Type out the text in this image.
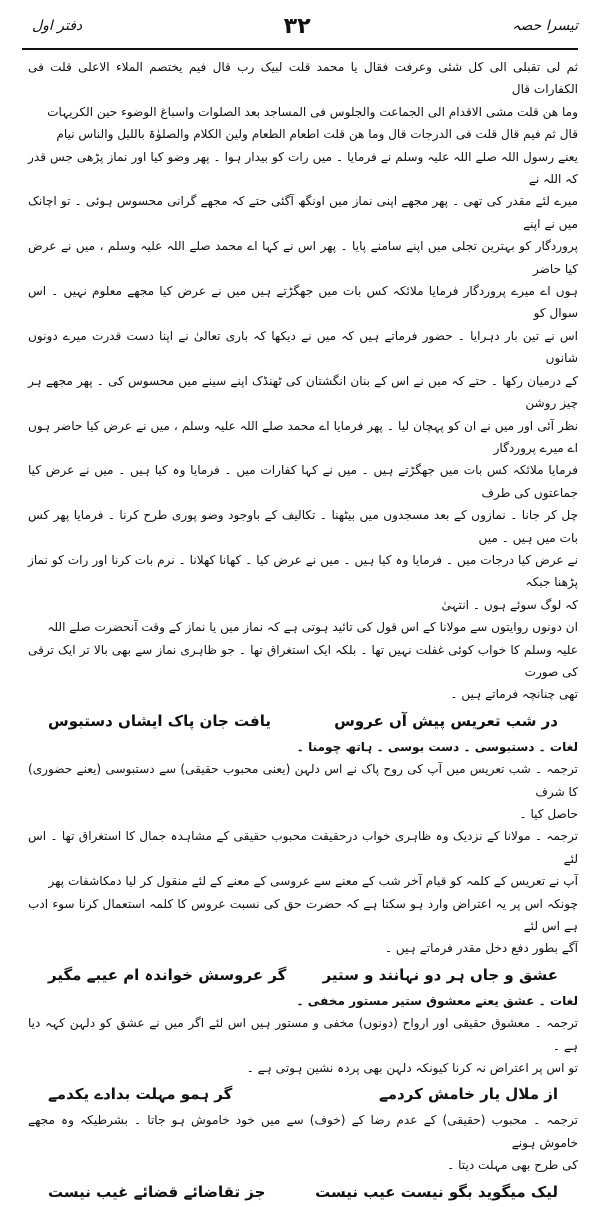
دفتر اول	٣٢	تیسرا حصہ

ثم لی تقبلی الی کل شئی وعرفت فقال یا محمد قلت لبیک رب قال فیم یختصم الملاء الاعلی قلت فی الکفارات قال

وما ھن قلت مشی الاقدام الی الجماعت والجلوس فی المساجد بعد الصلوات واسباغ الوضوء حین الکریہات

قال ثم فیم قال قلت فی الدرجات قال وما ھن قلت اطعام الطعام ولین الکلام والصلوٰۃ باللیل والناس نیام

یعنے رسول اللہ صلے اللہ علیہ وسلم نے فرمایا ۔ میں رات کو بیدار ہوا ۔ پھر وضو کیا اور نماز پڑھی جس قدر کہ اللہ نے

میرے لئے مقدر کی تھی ۔ پھر مجھے اپنی نماز میں اونگھ آگئی حتے کہ مجھے گرانی محسوس ہوئی ۔ تو اچانک میں نے اپنے

پروردگار کو بہترین تجلی میں اپنے سامنے پایا ۔ پھر اس نے کہا اے محمد صلے اللہ علیہ وسلم ، میں نے عرض کیا حاضر

ہوں اے میرے پروردگار فرمایا ملائکہ کس بات میں جھگڑتے ہیں میں نے عرض کیا مجھے معلوم نہیں ۔ اس سوال کو

اس نے تین بار دہرایا ۔ حضور فرماتے ہیں کہ میں نے دیکھا کہ باری تعالیٰ نے اپنا دست قدرت میرے دونوں شانوں

کے درمیان رکھا ۔ حتے کہ میں نے اس کے بنان انگشتان کی ٹھنڈک اپنے سینے میں محسوس کی ۔ پھر مجھے ہر چیز روشن

نظر آئی اور میں نے ان کو پہچان لیا ۔ پھر فرمایا اے محمد صلے اللہ علیہ وسلم ، میں نے عرض کیا حاضر ہوں اے میرے پروردگار

فرمایا ملائکہ کس بات میں جھگڑتے ہیں ۔ میں نے کہا کفارات میں ۔ فرمایا وہ کیا ہیں ۔ میں نے عرض کیا جماعتوں کی طرف

چل کر جانا ۔ نمازوں کے بعد مسجدوں میں بیٹھنا ۔ تکالیف کے باوجود وضو پوری طرح کرنا ۔ فرمایا پھر کس بات میں ہیں ۔ میں

نے عرض کیا درجات میں ۔ فرمایا وہ کیا ہیں ۔ میں نے عرض کیا ۔ کھانا کھلانا ۔ نرم بات کرنا اور رات کو نماز پڑھنا جبکہ

کہ لوگ سوئے ہوں ۔ انتہیٰ

ان دونوں روایتوں سے مولانا کے اس قول کی تائید ہوتی ہے کہ نماز میں یا نماز کے وقت آنحضرت صلے اللہ

علیہ وسلم کا خواب کوئی غفلت نہیں تھا ۔ بلکہ ایک استغراق تھا ۔ جو ظاہری نماز سے بھی بالا تر ایک ترقی کی صورت

تھی چنانچہ فرماتے ہیں ۔

در شب تعریس پیش آں عروس
یافت جان پاک ایشاں دستبوس

لغات ۔ دستبوسی ۔ دست بوسی ۔ ہاتھ چومنا ۔

ترجمہ ۔ شب تعریس میں آپ کی روح پاک نے اس دلہن (یعنی محبوب حقیقی) سے دستبوسی (یعنے حضوری) کا شرف

حاصل کیا ۔

ترجمہ ۔ مولانا کے نزدیک وہ ظاہری خواب درحقیقت محبوب حقیقی کے مشاہدہ جمال کا استغراق تھا ۔ اس لئے

آپ نے تعریس کے کلمہ کو قیام آخر شب کے معنے سے عروسی کے معنے کے لئے منقول کر لیا دمکاشفات پھر

چونکہ اس پر یہ اعتراض وارد ہو سکتا ہے کہ حضرت حق کی نسبت عروس کا کلمہ استعمال کرنا سوء ادب ہے اس لئے

آگے بطور دفع دخل مقدر فرماتے ہیں ۔

عشق و جاں ہر دو نہانند و ستیر
گر عروسش خواندہ ام عیبے مگیر

لغات ۔ عشق یعنے معشوق ستیر مستور مخفی ۔

ترجمہ ۔ معشوق حقیقی اور ارواح (دونوں) مخفی و مستور ہیں اس لئے اگر میں نے عشق کو دلہن کہہ دیا ہے ۔

تو اس پر اعتراض نہ کرنا کیونکہ دلہن بھی پردہ نشین ہوتی ہے ۔

از ملال یار خامش کردمے
گر ہمو مہلت بدادے یکدمے

ترجمہ ۔ محبوب (حقیقی) کے عدم رضا کے (خوف) سے میں خود خاموش ہو جاتا ۔ بشرطیکہ وہ مجھے خاموش ہونے

کی طرح بھی مہلت دیتا ۔

لیک میگوید بگو نیست عیب نیست
جز تقاضائے قضائے غیب نیست
